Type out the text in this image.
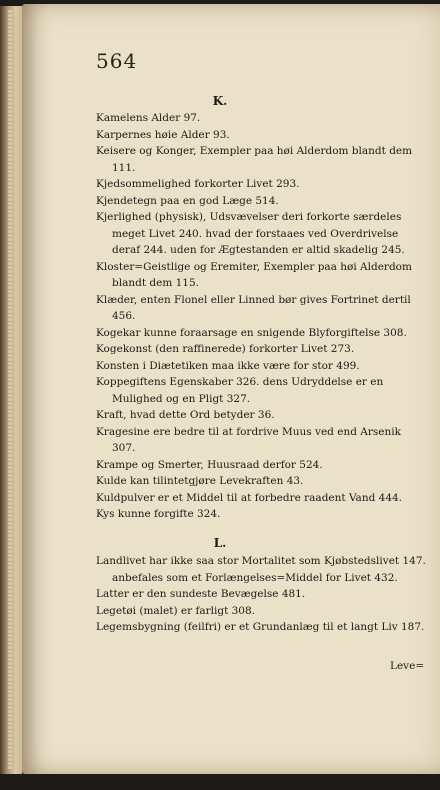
564
K.

Kamelens Alder 97.

Karpernes høie Alder 93.

Keisere og Konger, Exempler paa høi Alderdom blandt dem 111.

Kjedsommelighed forkorter Livet 293.

Kjendetegn paa en god Læge 514.

Kjerlighed (physisk), Udsvævelser deri forkorte særdeles meget Livet 240. hvad der forstaaes ved Overdrivelse deraf 244. uden for Ægtestanden er altid skadelig 245.

Kloster=Geistlige og Eremiter, Exempler paa høi Alderdom blandt dem 115.

Klæder, enten Flonel eller Linned bør gives Fortrinet dertil 456.

Kogekar kunne foraarsage en snigende Blyforgiftelse 308.

Kogekonst (den raffinerede) forkorter Livet 273.

Konsten i Diætetiken maa ikke være for stor 499.

Koppegiftens Egenskaber 326. dens Udryddelse er en Mulighed og en Pligt 327.

Kraft, hvad dette Ord betyder 36.

Kragesine ere bedre til at fordrive Muus ved end Arsenik 307.

Krampe og Smerter, Huusraad derfor 524.

Kulde kan tilintetgjøre Levekraften 43.

Kuldpulver er et Middel til at forbedre raadent Vand 444.

Kys kunne forgifte 324.

L.

Landlivet har ikke saa stor Mortalitet som Kjøbstedslivet 147. anbefales som et Forlængelses=Middel for Livet 432.

Latter er den sundeste Bevægelse 481.

Legetøi (malet) er farligt 308.

Legemsbygning (feilfri) er et Grundanlæg til et langt Liv 187.

Leve=
